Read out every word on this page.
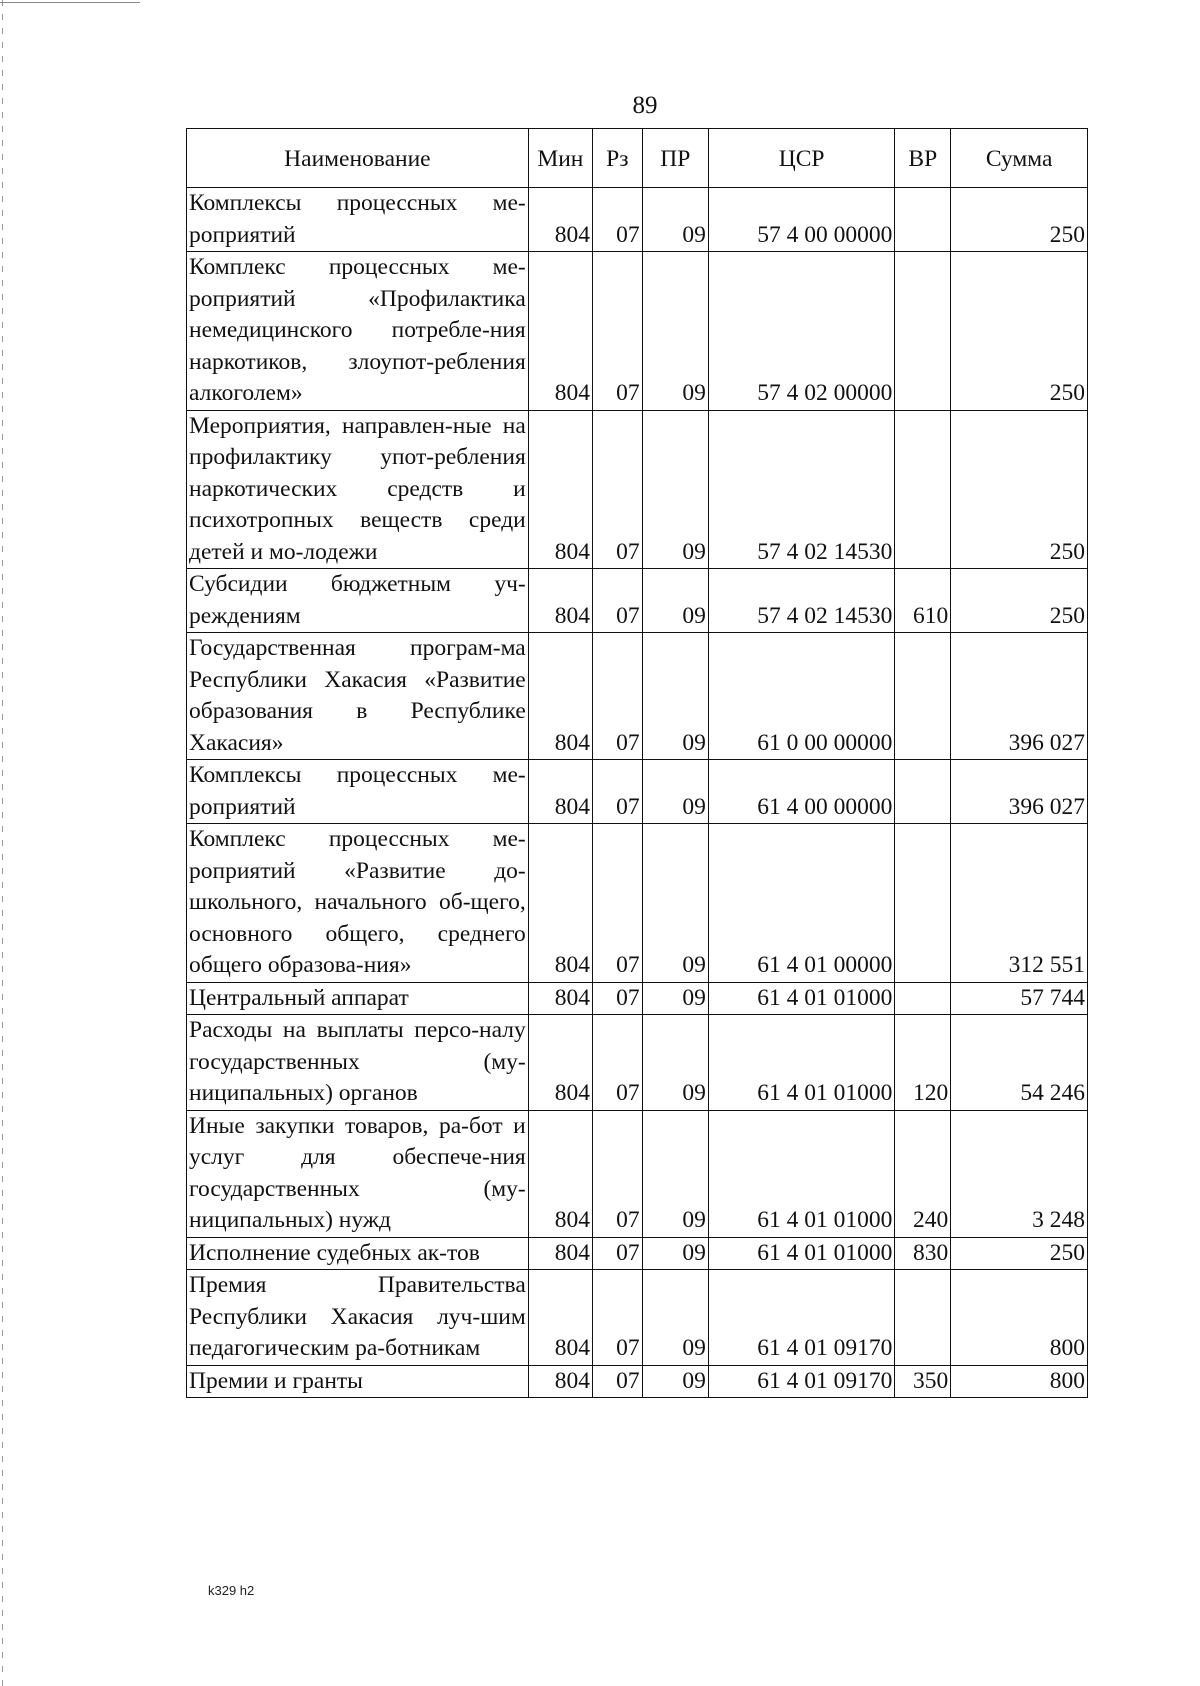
89
Наименование	Мин	Рз	ПР	ЦСР	ВР	Сумма
Комплексы процессных ме-роприятий	804	07	09	57 4 00 00000		250
Комплекс процессных ме-роприятий «Профилактика немедицинского потребле-ния наркотиков, злоупот-ребления алкоголем»	804	07	09	57 4 02 00000		250
Мероприятия, направлен-ные на профилактику упот-ребления наркотических средств и психотропных веществ среди детей и мо-лодежи	804	07	09	57 4 02 14530		250
Субсидии бюджетным уч-реждениям	804	07	09	57 4 02 14530	610	250
Государственная програм-ма Республики Хакасия «Развитие образования в Республике Хакасия»	804	07	09	61 0 00 00000		396 027
Комплексы процессных ме-роприятий	804	07	09	61 4 00 00000		396 027
Комплекс процессных ме-роприятий «Развитие до-школьного, начального об-щего, основного общего, среднего общего образова-ния»	804	07	09	61 4 01 00000		312 551
Центральный аппарат	804	07	09	61 4 01 01000		57 744
Расходы на выплаты персо-налу государственных (му-ниципальных) органов	804	07	09	61 4 01 01000	120	54 246
Иные закупки товаров, ра-бот и услуг для обеспече-ния государственных (му-ниципальных) нужд	804	07	09	61 4 01 01000	240	3 248
Исполнение судебных ак-тов	804	07	09	61 4 01 01000	830	250
Премия Правительства Республики Хакасия луч-шим педагогическим ра-ботникам	804	07	09	61 4 01 09170		800
Премии и гранты	804	07	09	61 4 01 09170	350	800
k329 h2
